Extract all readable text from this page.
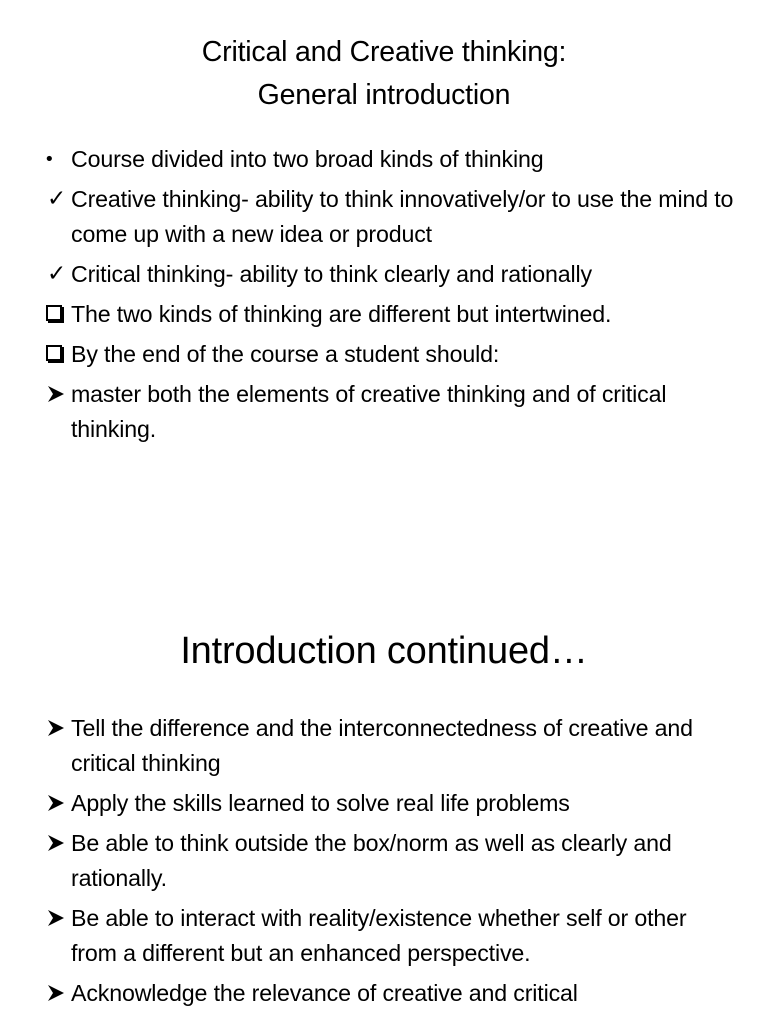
Critical and Creative thinking:
General introduction
• Course divided into two broad kinds of thinking
✓ Creative thinking- ability to think innovatively/or to use the mind to come up with a new idea or product
✓ Critical thinking- ability to think clearly and rationally
The two kinds of thinking are different but intertwined.
By the end of the course a student should:
master both the elements of creative thinking and of critical thinking.
Introduction continued…
Tell the difference and the interconnectedness of creative and critical thinking
Apply the skills learned to solve real life problems
Be able to think outside the box/norm as well as clearly and rationally.
Be able to interact with reality/existence whether self or other from a different but an enhanced perspective.
Acknowledge the relevance of creative and critical
